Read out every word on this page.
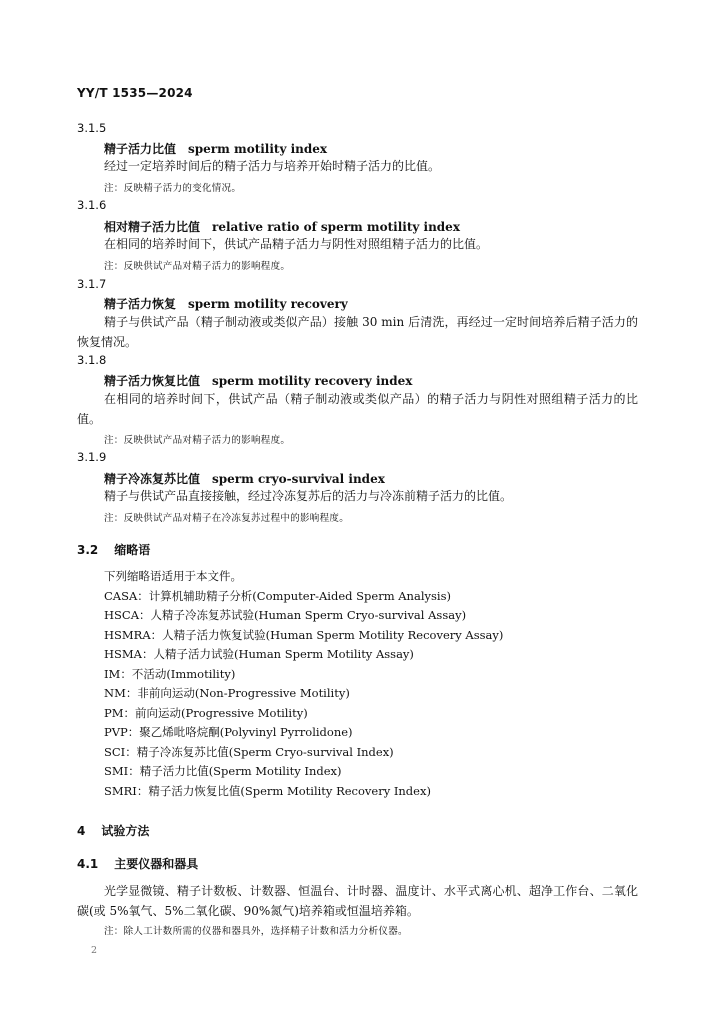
YY/T 1535—2024
3.1.5
精子活力比值 sperm motility index
经过一定培养时间后的精子活力与培养开始时精子活力的比值。
注：反映精子活力的变化情况。
3.1.6
相对精子活力比值 relative ratio of sperm motility index
在相同的培养时间下，供试产品精子活力与阴性对照组精子活力的比值。
注：反映供试产品对精子活力的影响程度。
3.1.7
精子活力恢复 sperm motility recovery
精子与供试产品（精子制动液或类似产品）接触 30 min 后清洗，再经过一定时间培养后精子活力的恢复情况。
3.1.8
精子活力恢复比值 sperm motility recovery index
在相同的培养时间下，供试产品（精子制动液或类似产品）的精子活力与阴性对照组精子活力的比值。
注：反映供试产品对精子活力的影响程度。
3.1.9
精子冷冻复苏比值 sperm cryo-survival index
精子与供试产品直接接触，经过冷冻复苏后的活力与冷冻前精子活力的比值。
注：反映供试产品对精子在冷冻复苏过程中的影响程度。
3.2 缩略语
下列缩略语适用于本文件。
CASA：计算机辅助精子分析(Computer-Aided Sperm Analysis)
HSCA：人精子冷冻复苏试验(Human Sperm Cryo-survival Assay)
HSMRA：人精子活力恢复试验(Human Sperm Motility Recovery Assay)
HSMA：人精子活力试验(Human Sperm Motility Assay)
IM：不活动(Immotility)
NM：非前向运动(Non-Progressive Motility)
PM：前向运动(Progressive Motility)
PVP：聚乙烯吡咯烷酮(Polyvinyl Pyrrolidone)
SCI：精子冷冻复苏比值(Sperm Cryo-survival Index)
SMI：精子活力比值(Sperm Motility Index)
SMRI：精子活力恢复比值(Sperm Motility Recovery Index)
4 试验方法
4.1 主要仪器和器具
光学显微镜、精子计数板、计数器、恒温台、计时器、温度计、水平式离心机、超净工作台、二氧化碳(或 5%氧气、5%二氧化碳、90%氮气)培养箱或恒温培养箱。
注：除人工计数所需的仪器和器具外，选择精子计数和活力分析仪器。
2
